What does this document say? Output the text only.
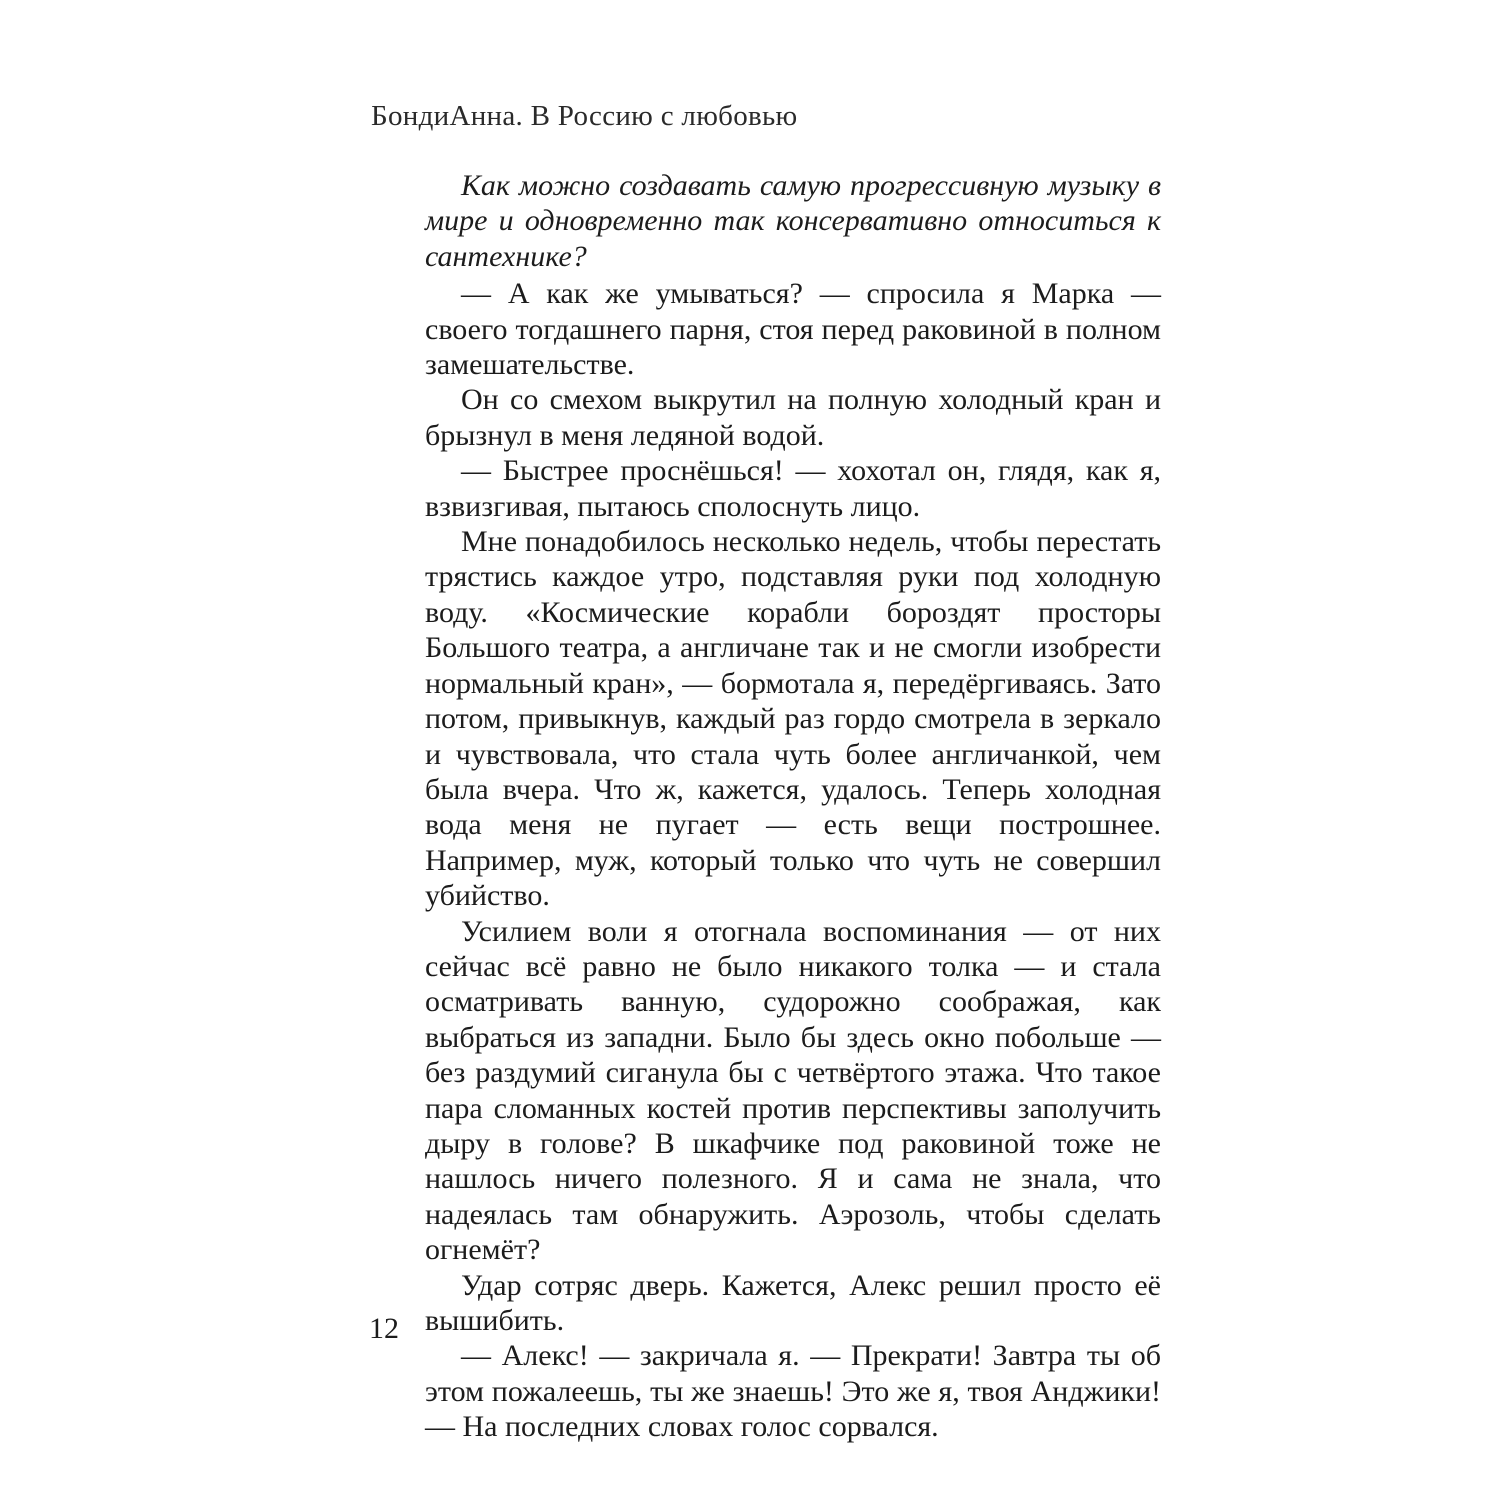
БондиАнна. В Россию с любовью

Как можно создавать самую прогрессивную музыку в мире и одновременно так консервативно относиться к сантехнике?

— А как же умываться? — спросила я Марка — своего тогдашнего парня, стоя перед раковиной в полном замешательстве.

Он со смехом выкрутил на полную холодный кран и брызнул в меня ледяной водой.

— Быстрее проснёшься! — хохотал он, глядя, как я, взвизгивая, пытаюсь сполоснуть лицо.

Мне понадобилось несколько недель, чтобы перестать трястись каждое утро, подставляя руки под холодную воду. «Космические корабли бороздят просторы Большого театра, а англичане так и не смогли изобрести нормальный кран», — бормотала я, передёргиваясь. Зато потом, привыкнув, каждый раз гордо смотрела в зеркало и чувствовала, что стала чуть более англичанкой, чем была вчера. Что ж, кажется, удалось. Теперь холодная вода меня не пугает — есть вещи построшнее. Например, муж, который только что чуть не совершил убийство.

Усилием воли я отогнала воспоминания — от них сейчас всё равно не было никакого толка — и стала осматривать ванную, судорожно соображая, как выбраться из западни. Было бы здесь окно побольше — без раздумий сиганула бы с четвёртого этажа. Что такое пара сломанных костей против перспективы заполучить дыру в голове? В шкафчике под раковиной тоже не нашлось ничего полезного. Я и сама не знала, что надеялась там обнаружить. Аэрозоль, чтобы сделать огнемёт?

Удар сотряс дверь. Кажется, Алекс решил просто её вышибить.

— Алекс! — закричала я. — Прекрати! Завтра ты об этом пожалеешь, ты же знаешь! Это же я, твоя Анджики! — На последних словах голос сорвался.

12
